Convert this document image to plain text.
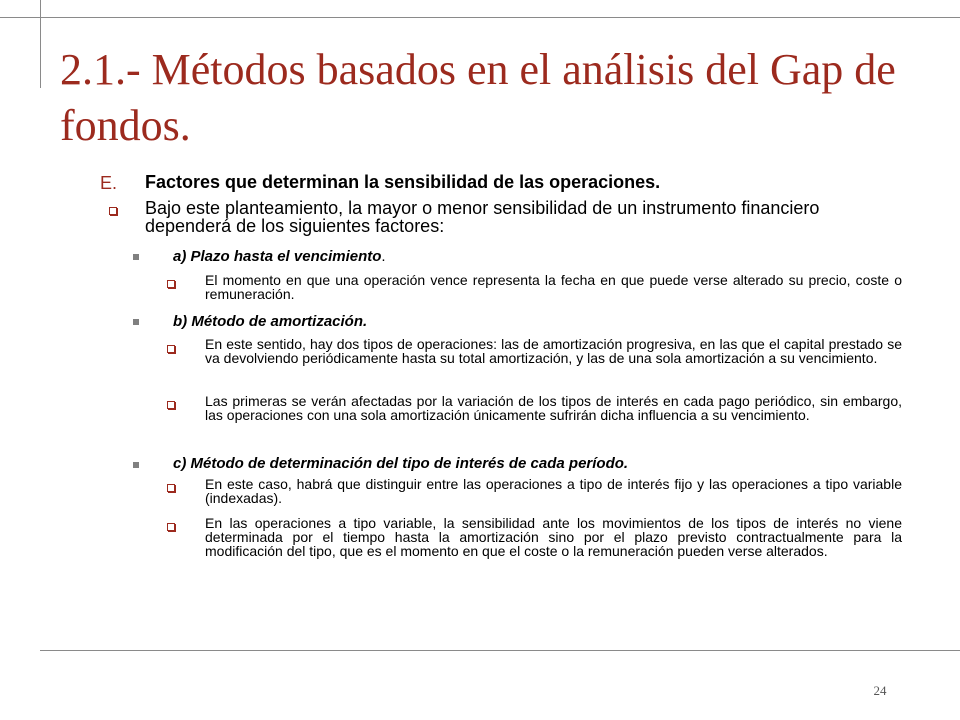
2.1.- Métodos basados en el análisis del Gap de fondos.
E. Factores que determinan la sensibilidad de las operaciones.
Bajo este planteamiento, la mayor o menor sensibilidad de un instrumento financiero dependerá de los siguientes factores:
a) Plazo hasta el vencimiento.
El momento en que una operación vence representa la fecha en que puede verse alterado su precio, coste o remuneración.
b) Método de amortización.
En este sentido, hay dos tipos de operaciones: las de amortización progresiva, en las que el capital prestado se va devolviendo periódicamente hasta su total amortización, y las de una sola amortización a su vencimiento.
Las primeras se verán afectadas por la variación de los tipos de interés en cada pago periódico, sin embargo, las operaciones con una sola amortización únicamente sufrirán dicha influencia a su vencimiento.
c) Método de determinación del tipo de interés de cada período.
En este caso, habrá que distinguir entre las operaciones a tipo de interés fijo y las operaciones a tipo variable (indexadas).
En las operaciones a tipo variable, la sensibilidad ante los movimientos de los tipos de interés no viene determinada por el tiempo hasta la amortización sino por el plazo previsto contractualmente para la modificación del tipo, que es el momento en que el coste o la remuneración pueden verse alterados.
24
